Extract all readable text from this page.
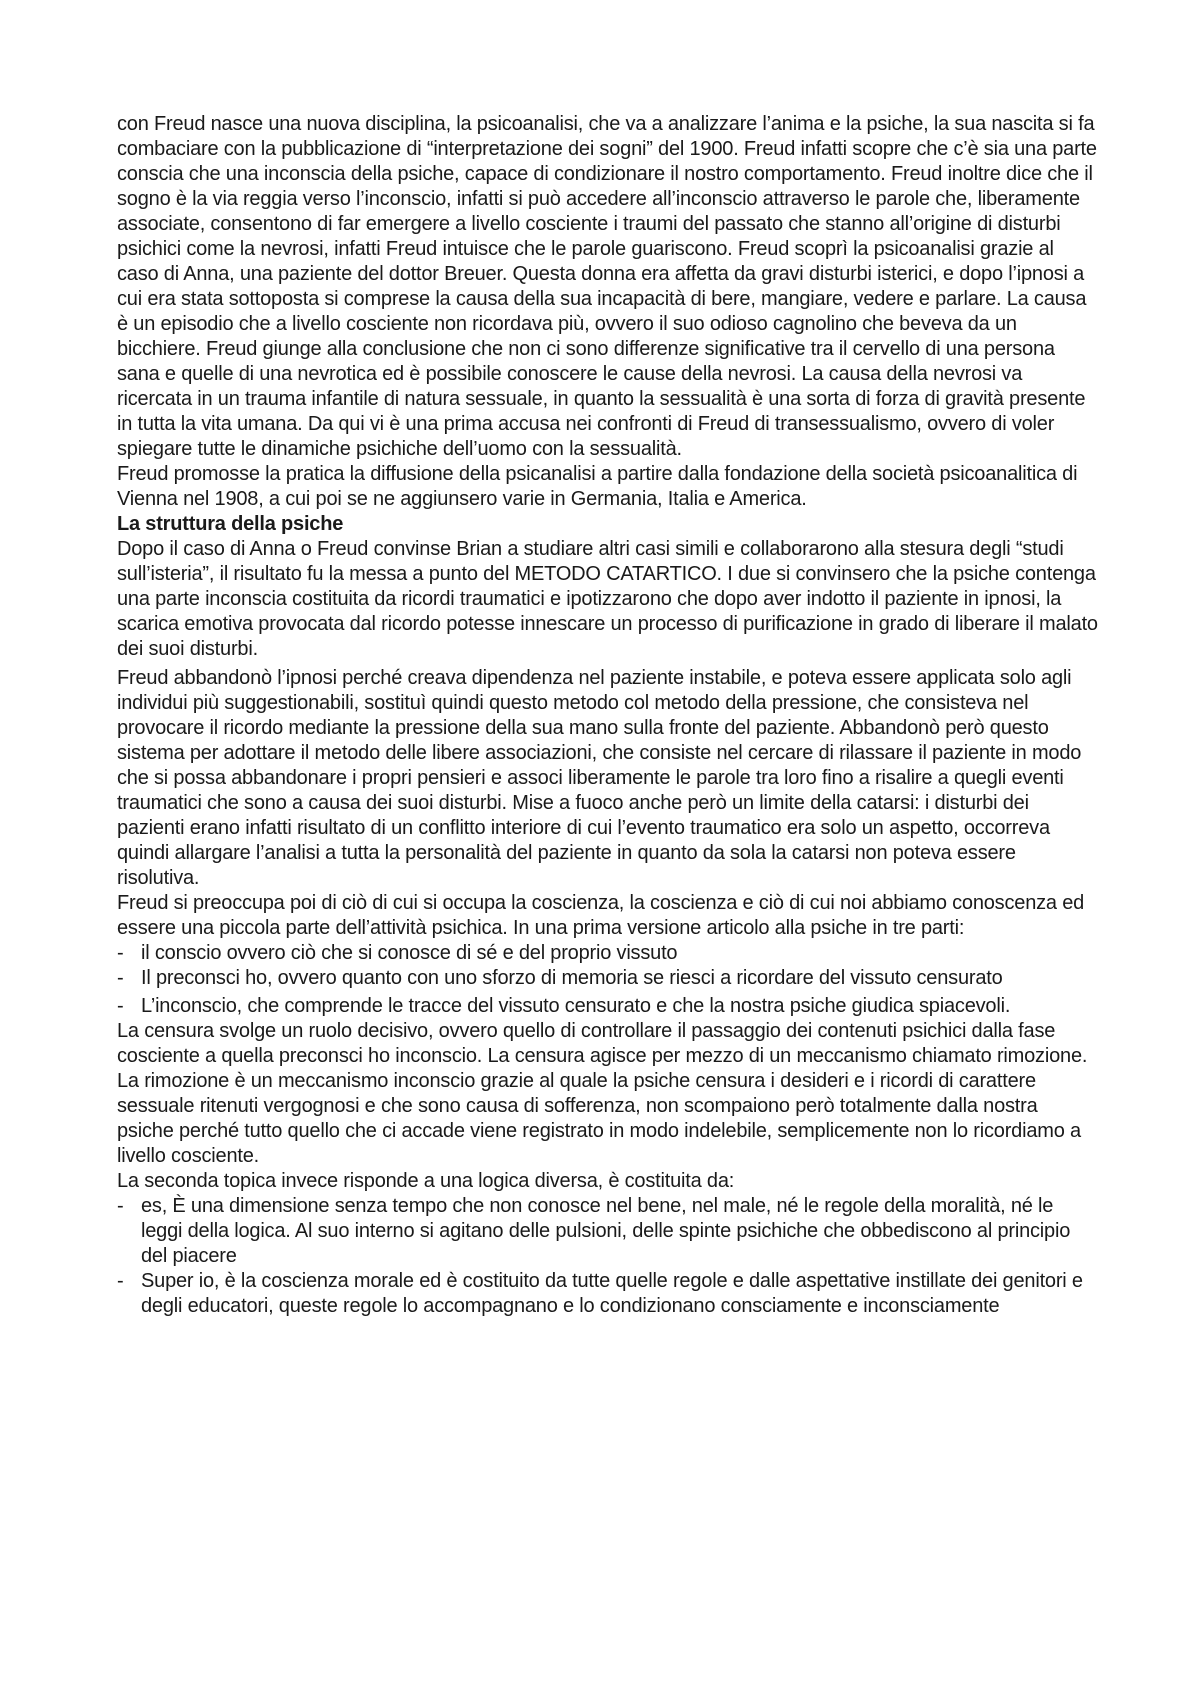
con Freud nasce una nuova disciplina, la psicoanalisi, che va a analizzare l’anima e la psiche, la sua nascita si fa combaciare con la pubblicazione di “interpretazione dei sogni” del 1900. Freud infatti scopre che c’è sia una parte conscia che una inconscia della psiche, capace di condizionare il nostro comportamento. Freud inoltre dice che il sogno è la via reggia verso l’inconscio, infatti si può accedere all’inconscio attraverso le parole che, liberamente associate, consentono di far emergere a livello cosciente i traumi del passato che stanno all’origine di disturbi psichici come la nevrosi, infatti Freud intuisce che le parole guariscono. Freud scoprì la psicoanalisi grazie al caso di Anna, una paziente del dottor Breuer. Questa donna era affetta da gravi disturbi isterici, e dopo l’ipnosi a cui era stata sottoposta si comprese la causa della sua incapacità di bere, mangiare, vedere e parlare. La causa è un episodio che a livello cosciente non ricordava più, ovvero il suo odioso cagnolino che beveva da un bicchiere. Freud giunge alla conclusione che non ci sono differenze significative tra il cervello di una persona sana e quelle di una nevrotica ed è possibile conoscere le cause della nevrosi. La causa della nevrosi va ricercata in un trauma infantile di natura sessuale, in quanto la sessualità è una sorta di forza di gravità presente in tutta la vita umana. Da qui vi è una prima accusa nei confronti di Freud di transessualismo, ovvero di voler spiegare tutte le dinamiche psichiche dell’uomo con la sessualità.

Freud promosse la pratica la diffusione della psicanalisi a partire dalla fondazione della società psicoanalitica di Vienna nel 1908, a cui poi se ne aggiunsero varie in Germania, Italia e America.

La struttura della psiche

Dopo il caso di Anna o Freud convinse Brian a studiare altri casi simili e collaborarono alla stesura degli “studi sull’isteria”, il risultato fu la messa a punto del METODO CATARTICO. I due si convinsero che la psiche contenga una parte inconscia costituita da ricordi traumatici e ipotizzarono che dopo aver indotto il paziente in ipnosi, la scarica emotiva provocata dal ricordo potesse innescare un processo di purificazione in grado di liberare il malato dei suoi disturbi.

Freud abbandonò l’ipnosi perché creava dipendenza nel paziente instabile, e poteva essere applicata solo agli individui più suggestionabili, sostituì quindi questo metodo col metodo della pressione, che consisteva nel provocare il ricordo mediante la pressione della sua mano sulla fronte del paziente. Abbandonò però questo sistema per adottare il metodo delle libere associazioni, che consiste nel cercare di rilassare il paziente in modo che si possa abbandonare i propri pensieri e associ liberamente le parole tra loro fino a risalire a quegli eventi traumatici che sono a causa dei suoi disturbi. Mise a fuoco anche però un limite della catarsi: i disturbi dei pazienti erano infatti risultato di un conflitto interiore di cui l’evento traumatico era solo un aspetto, occorreva quindi allargare l’analisi a tutta la personalità del paziente in quanto da sola la catarsi non poteva essere risolutiva.

Freud si preoccupa poi di ciò di cui si occupa la coscienza, la coscienza e ciò di cui noi abbiamo conoscenza ed essere una piccola parte dell’attività psichica. In una prima versione articolo alla psiche in tre parti:

- il conscio ovvero ciò che si conosce di sé e del proprio vissuto
- Il preconsci ho, ovvero quanto con uno sforzo di memoria se riesci a ricordare del vissuto censurato
- L’inconscio, che comprende le tracce del vissuto censurato e che la nostra psiche giudica spiacevoli.

La censura svolge un ruolo decisivo, ovvero quello di controllare il passaggio dei contenuti psichici dalla fase cosciente a quella preconsci ho inconscio. La censura agisce per mezzo di un meccanismo chiamato rimozione. La rimozione è un meccanismo inconscio grazie al quale la psiche censura i desideri e i ricordi di carattere sessuale ritenuti vergognosi e che sono causa di sofferenza, non scompaiono però totalmente dalla nostra psiche perché tutto quello che ci accade viene registrato in modo indelebile, semplicemente non lo ricordiamo a livello cosciente.

La seconda topica invece risponde a una logica diversa, è costituita da:

- es, È una dimensione senza tempo che non conosce nel bene, nel male, né le regole della moralità, né le leggi della logica. Al suo interno si agitano delle pulsioni, delle spinte psichiche che obbediscono al principio del piacere
- Super io, è la coscienza morale ed è costituito da tutte quelle regole e dalle aspettative instillate dei genitori e degli educatori, queste regole lo accompagnano e lo condizionano consciamente e inconsciamente
